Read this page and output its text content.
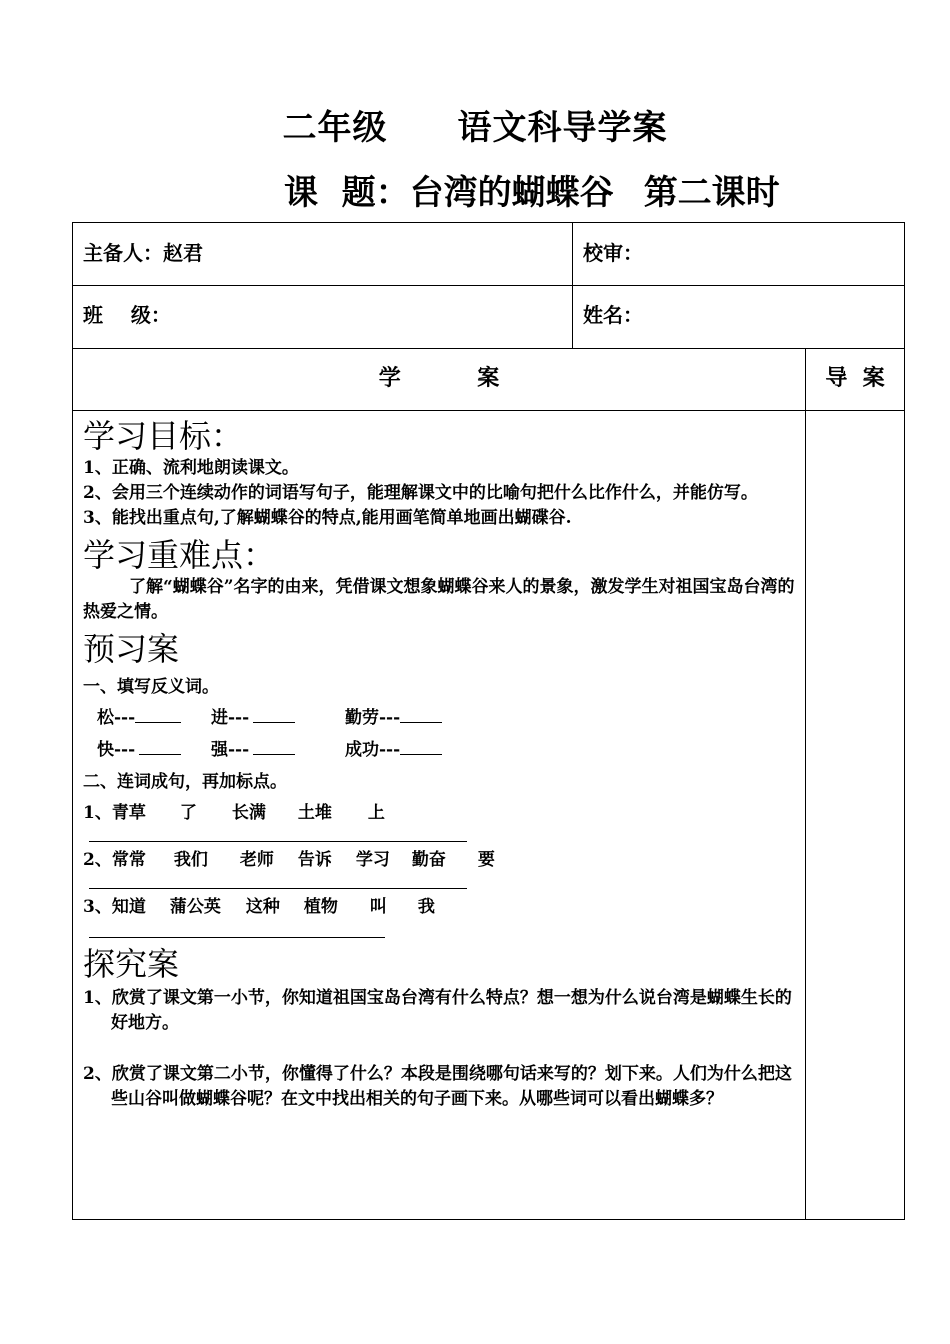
二年级 语文科导学案
课  题：台湾的蝴蝶谷 第二课时
主备人：赵君	校审：
班    级：	姓名：
学          案	导  案

学习目标：

1、正确、流利地朗读课文。

2、会用三个连续动作的词语写句子，能理解课文中的比喻句把什么比作什么，并能仿写。

3、能找出重点句,了解蝴蝶谷的特点,能用画笔简单地画出蝴碟谷.

学习重难点：

了解“蝴蝶谷”名字的由来，凭借课文想象蝴蝶谷来人的景象，激发学生对祖国宝岛台湾的热爱之情。

预习案

一、填写反义词。

松---	进---	勤劳---

快---	强---	成功---

二、连词成句，再加标点。

1、青草 了 长满 土堆 上

2、常常 我们 老师 告诉 学习 勤奋 要

3、知道 蒲公英 这种 植物 叫 我

探究案

1、欣赏了课文第一小节，你知道祖国宝岛台湾有什么特点？想一想为什么说台湾是蝴蝶生长的好地方。

2、欣赏了课文第二小节，你懂得了什么？本段是围绕哪句话来写的？划下来。人们为什么把这些山谷叫做蝴蝶谷呢？在文中找出相关的句子画下来。从哪些词可以看出蝴蝶多？
